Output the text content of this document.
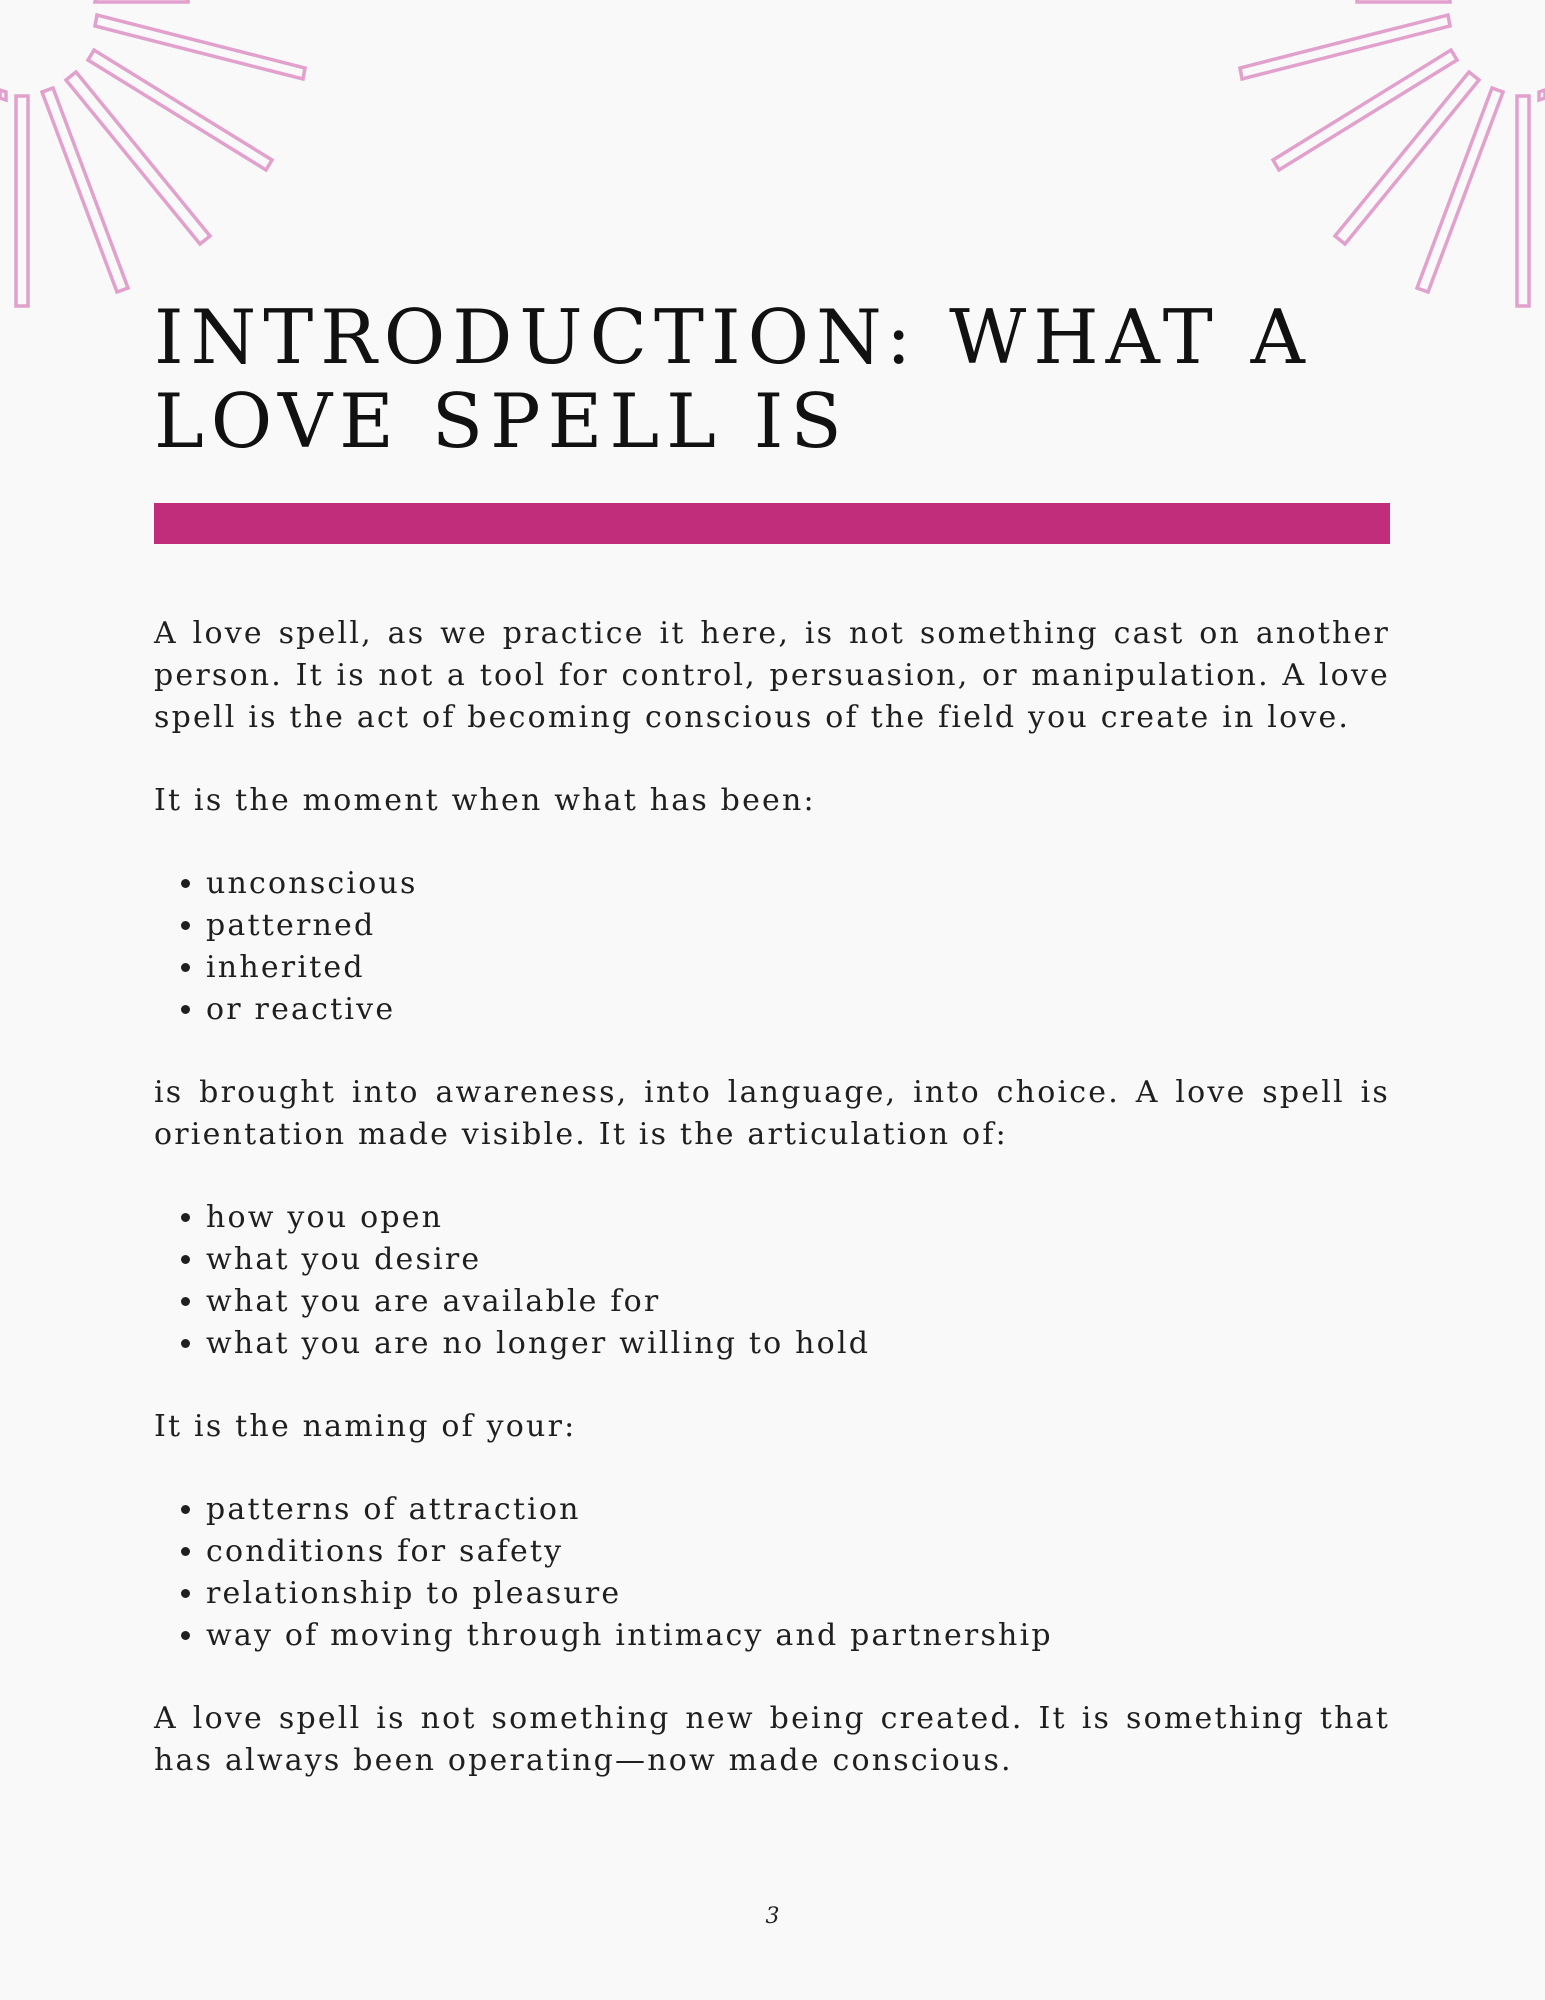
INTRODUCTION: WHAT A
LOVE SPELL IS

A love spell, as we practice it here, is not something cast on another person. It is not a tool for control, persuasion, or manipulation. A love spell is the act of becoming conscious of the field you create in love.

It is the moment when what has been:

• unconscious
• patterned
• inherited
• or reactive

is brought into awareness, into language, into choice. A love spell is orientation made visible. It is the articulation of:

• how you open
• what you desire
• what you are available for
• what you are no longer willing to hold

It is the naming of your:

• patterns of attraction
• conditions for safety
• relationship to pleasure
• way of moving through intimacy and partnership

A love spell is not something new being created. It is something that has always been operating—now made conscious.

3
